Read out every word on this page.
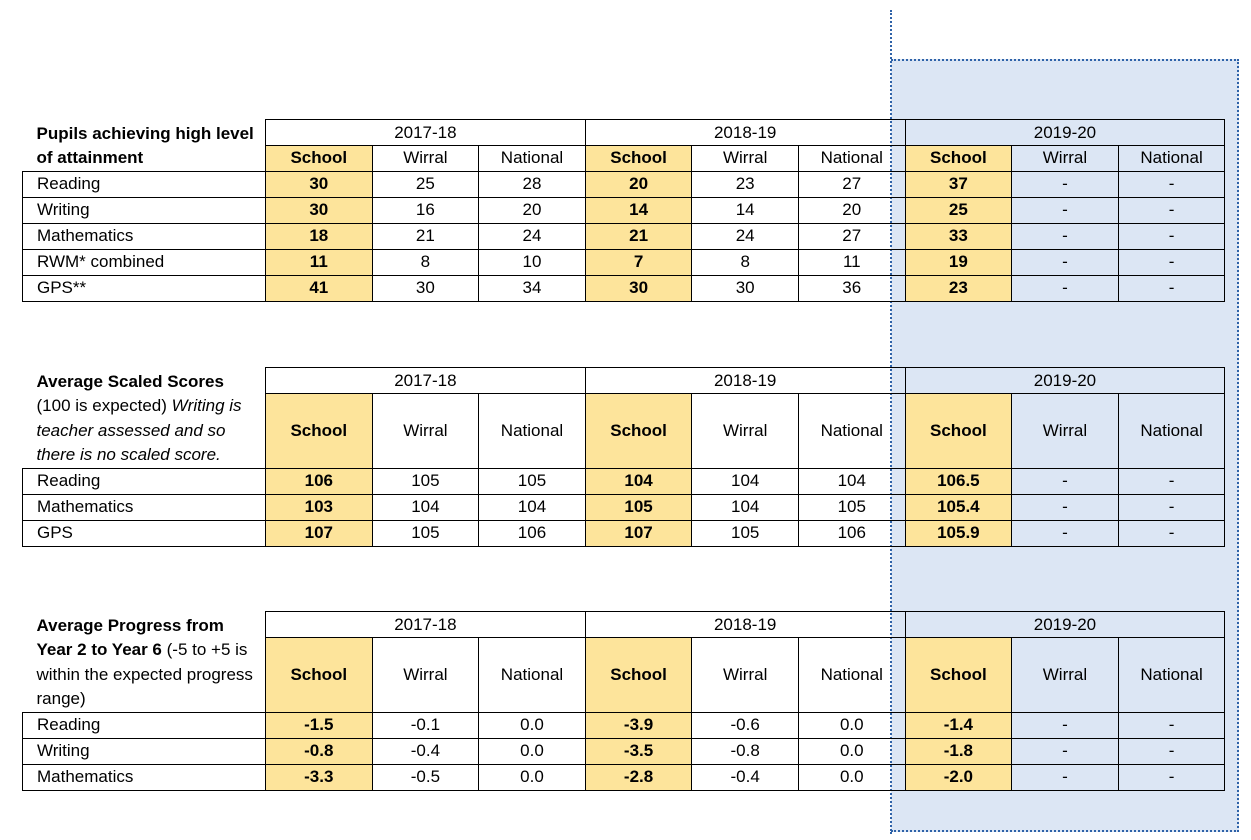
Pupils achieving high level of attainment	2017-18			2018-19			2019-20		
	School	Wirral	National	School	Wirral	National	School	Wirral	National
Reading	30	25	28	20	23	27	37	-	-
Writing	30	16	20	14	14	20	25	-	-
Mathematics	18	21	24	21	24	27	33	-	-
RWM* combined	11	8	10	7	8	11	19	-	-
GPS**	41	30	34	30	30	36	23	-	-
Average Scaled Scores
(100 is expected) Writing is teacher assessed and so there is no scaled score.	2017-18			2018-19			2019-20		
	School	Wirral	National	School	Wirral	National	School	Wirral	National
Reading	106	105	105	104	104	104	106.5	-	-
Mathematics	103	104	104	105	104	105	105.4	-	-
GPS	107	105	106	107	105	106	105.9	-	-
Average Progress from Year 2 to Year 6 (-5 to +5 is within the expected progress range)	2017-18			2018-19			2019-20		
	School	Wirral	National	School	Wirral	National	School	Wirral	National
Reading	-1.5	-0.1	0.0	-3.9	-0.6	0.0	-1.4	-	-
Writing	-0.8	-0.4	0.0	-3.5	-0.8	0.0	-1.8	-	-
Mathematics	-3.3	-0.5	0.0	-2.8	-0.4	0.0	-2.0	-	-
